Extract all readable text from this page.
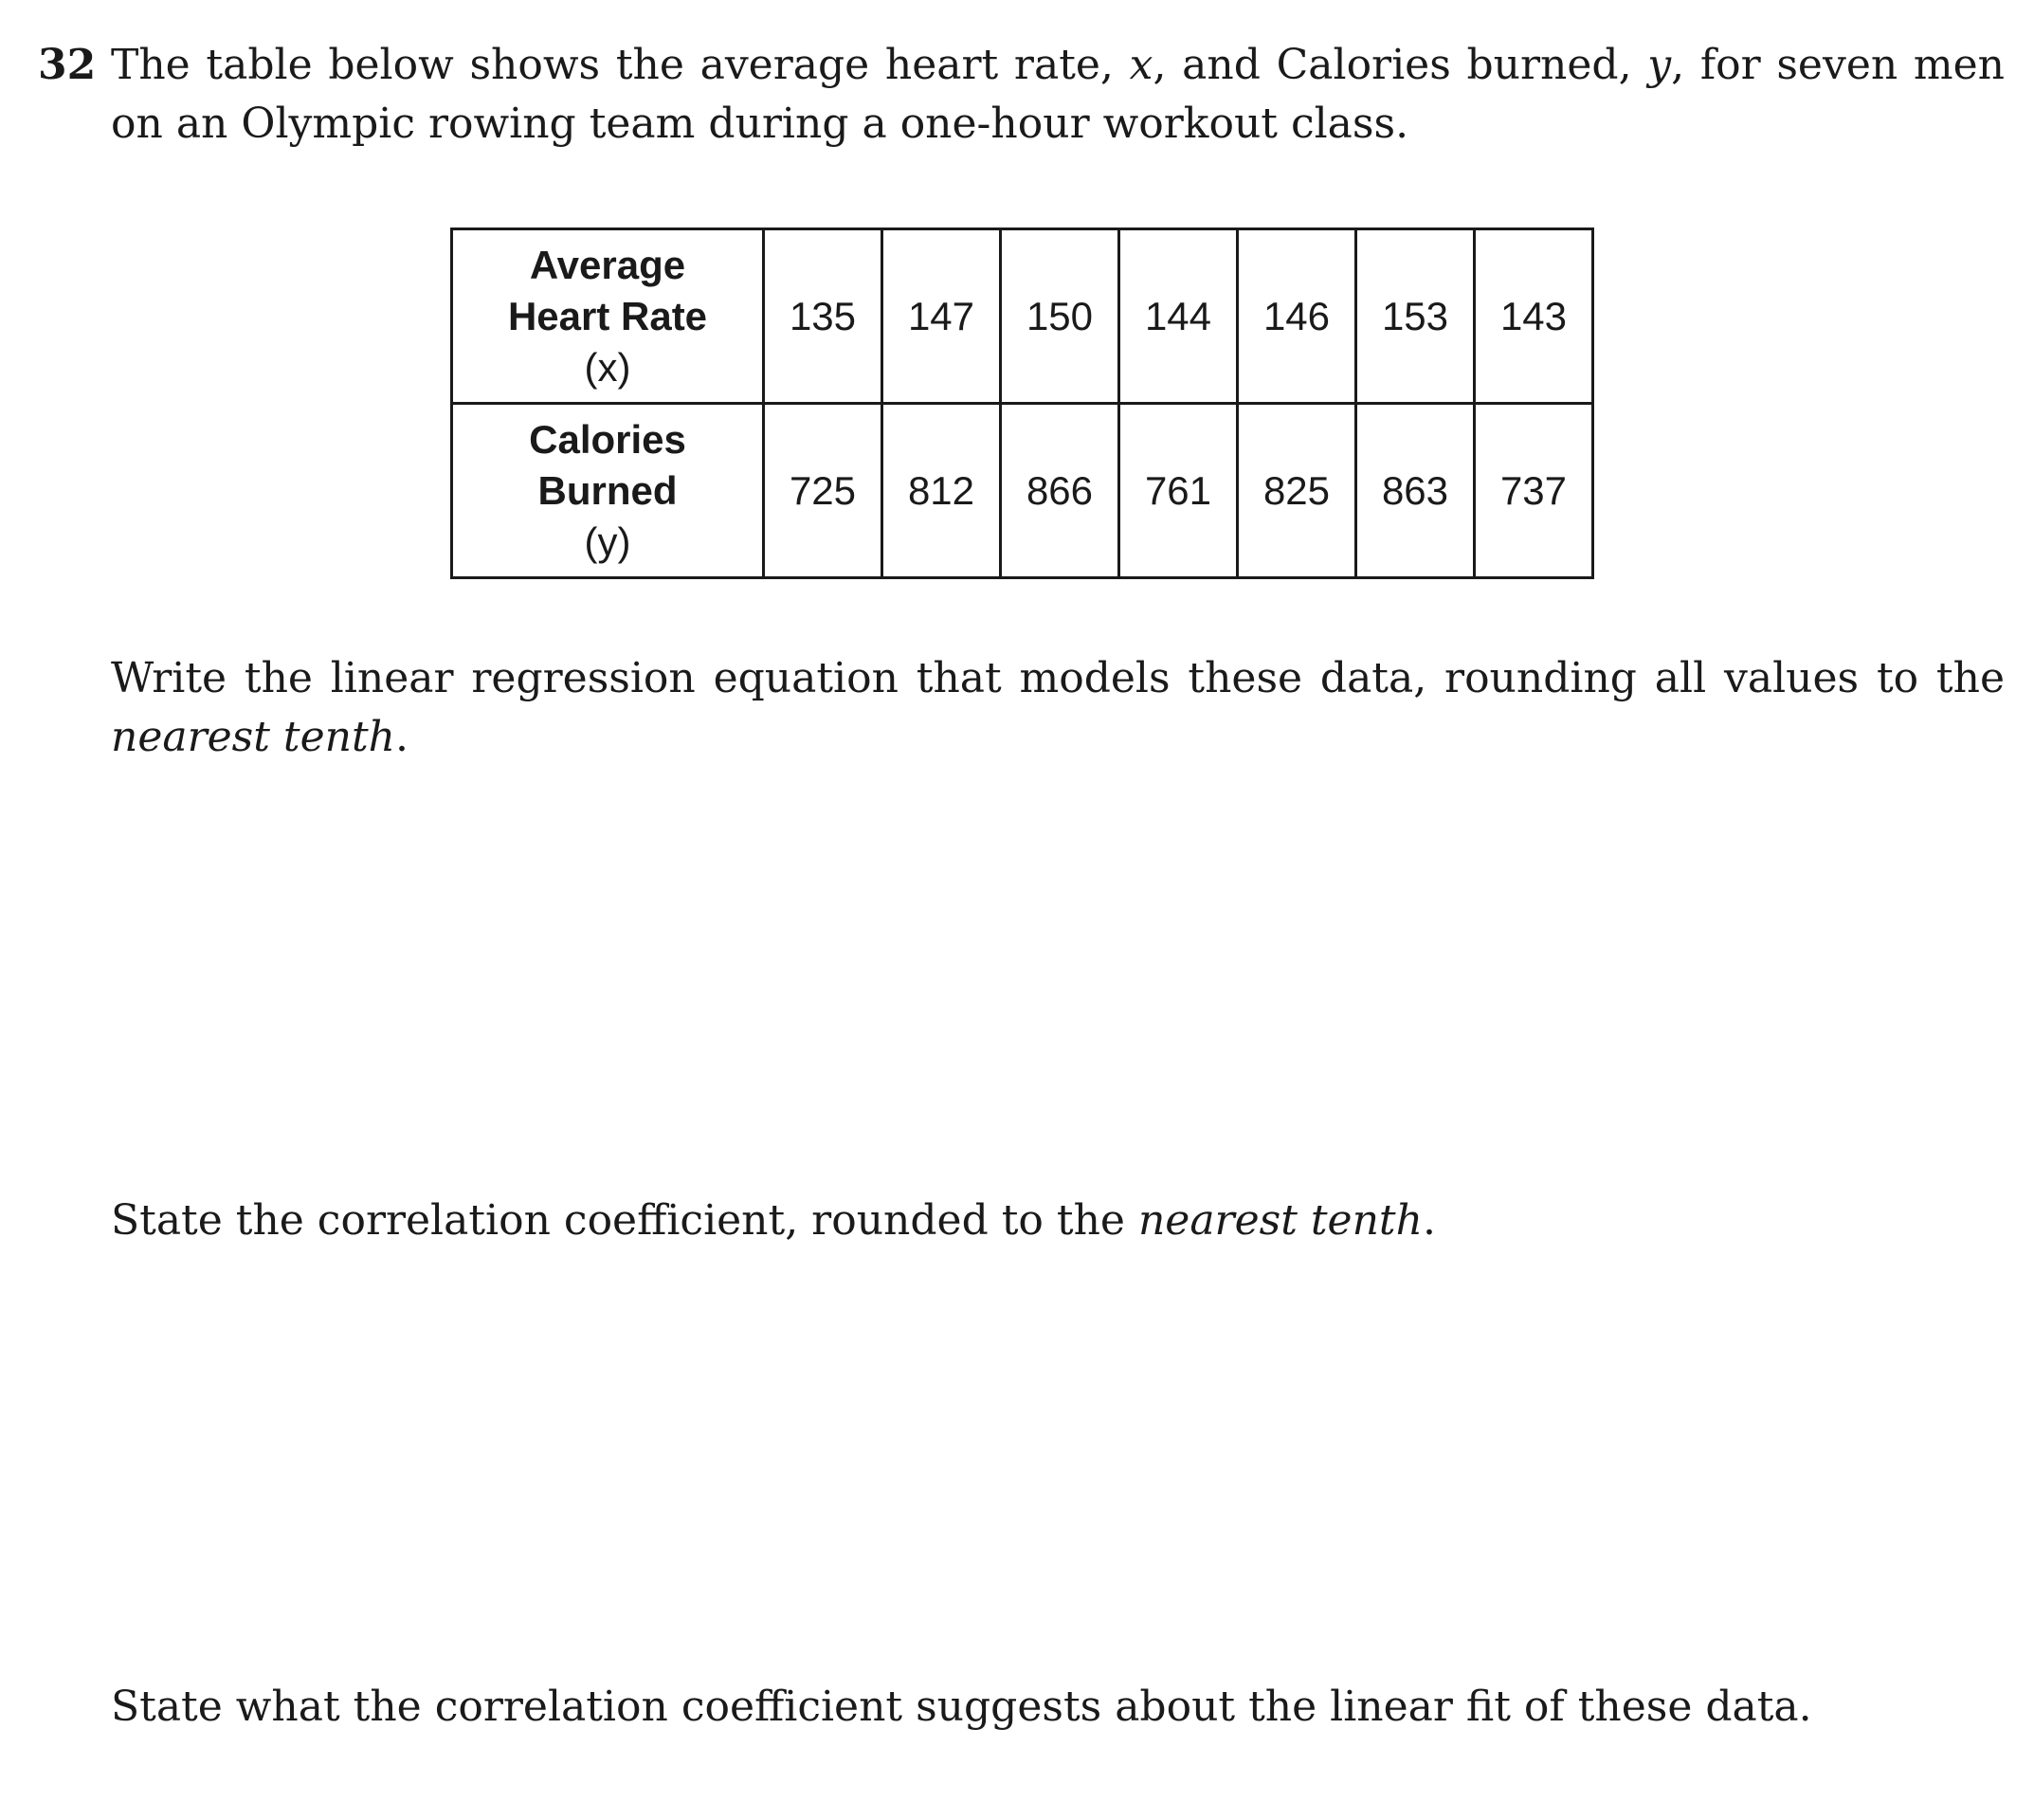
32 The table below shows the average heart rate, x, and Calories burned, y, for seven men on an Olympic rowing team during a one-hour workout class.
Average
Heart Rate
(x)	135	147	150	144	146	153	143

Calories
Burned
(y)	725	812	866	761	825	863	737
Write the linear regression equation that models these data, rounding all values to the nearest tenth.
State the correlation coefficient, rounded to the nearest tenth.
State what the correlation coefficient suggests about the linear fit of these data.
